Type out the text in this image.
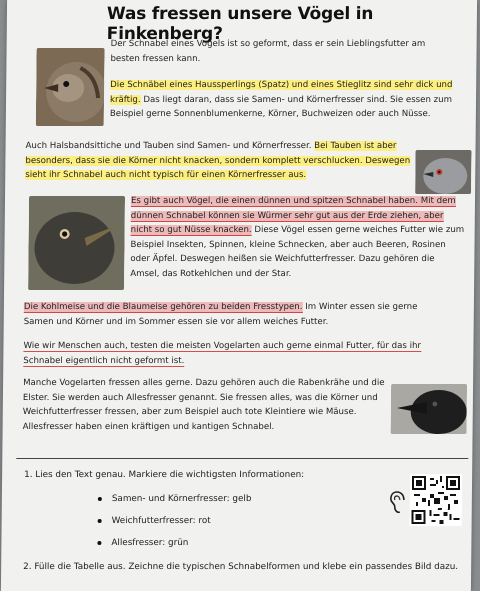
Was fressen unsere Vögel in Finkenberg?
Der Schnabel eines Vogels ist so geformt, dass er sein Lieblingsfutter am besten fressen kann.
Die Schnäbel eines Haussperlings (Spatz) und eines Stieglitz sind sehr dick und kräftig. Das liegt daran, dass sie Samen- und Körnerfresser sind. Sie essen zum Beispiel gerne Sonnenblumenkerne, Körner, Buchweizen oder auch Nüsse.
Auch Halsbandsittiche und Tauben sind Samen- und Körnerfresser. Bei Tauben ist aber besonders, dass sie die Körner nicht knacken, sondern komplett verschlucken. Deswegen sieht ihr Schnabel auch nicht typisch für einen Körnerfresser aus.
Es gibt auch Vögel, die einen dünnen und spitzen Schnabel haben. Mit dem dünnen Schnabel können sie Würmer sehr gut aus der Erde ziehen, aber nicht so gut Nüsse knacken. Diese Vögel essen gerne weiches Futter wie zum Beispiel Insekten, Spinnen, kleine Schnecken, aber auch Beeren, Rosinen oder Äpfel. Deswegen heißen sie Weichfutterfresser. Dazu gehören die Amsel, das Rotkehlchen und der Star.
Die Kohlmeise und die Blaumeise gehören zu beiden Fresstypen. Im Winter essen sie gerne Samen und Körner und im Sommer essen sie vor allem weiches Futter.
Wie wir Menschen auch, testen die meisten Vogelarten auch gerne einmal Futter, für das ihr Schnabel eigentlich nicht geformt ist.
Manche Vogelarten fressen alles gerne. Dazu gehören auch die Rabenkrähe und die Elster. Sie werden auch Allesfresser genannt. Sie fressen alles, was die Körner und Weichfutterfresser fressen, aber zum Beispiel auch tote Kleintiere wie Mäuse. Allesfresser haben einen kräftigen und kantigen Schnabel.
1. Lies den Text genau. Markiere die wichtigsten Informationen:
Samen- und Körnerfresser: gelb
Weichfutterfresser: rot
Allesfresser: grün
2. Fülle die Tabelle aus. Zeichne die typischen Schnabelformen und klebe ein passendes Bild dazu.
